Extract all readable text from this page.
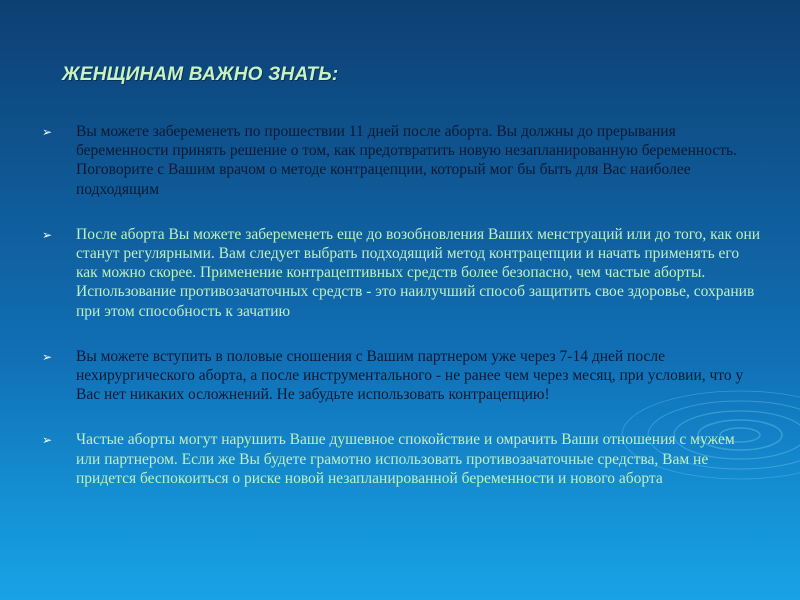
ЖЕНЩИНАМ ВАЖНО ЗНАТЬ:
➢ Вы можете забеременеть по прошествии 11 дней после аборта. Вы должны до прерывания беременности принять решение о том, как предотвратить новую незапланированную беременность. Поговорите с Вашим врачом о методе контрацепции, который мог бы быть для Вас наиболее подходящим
➢ После аборта Вы можете забеременеть еще до возобновления Ваших менструаций или до того, как они станут регулярными. Вам следует выбрать подходящий метод контрацепции и начать применять его как можно скорее. Применение контрацептивных средств более безопасно, чем частые аборты. Использование противозачаточных средств - это наилучший способ защитить свое здоровье, сохранив при этом способность к зачатию
➢ Вы можете вступить в половые сношения с Вашим партнером уже через 7-14 дней после нехирургического аборта, а после инструментального - не ранее чем через месяц, при условии, что у Вас нет никаких осложнений. Не забудьте использовать контрацепцию!
➢ Частые аборты могут нарушить Ваше душевное спокойствие и омрачить Ваши отношения с мужем или партнером. Если же Вы будете грамотно использовать противозачаточные средства, Вам не придется беспокоиться о риске новой незапланированной беременности и нового аборта
